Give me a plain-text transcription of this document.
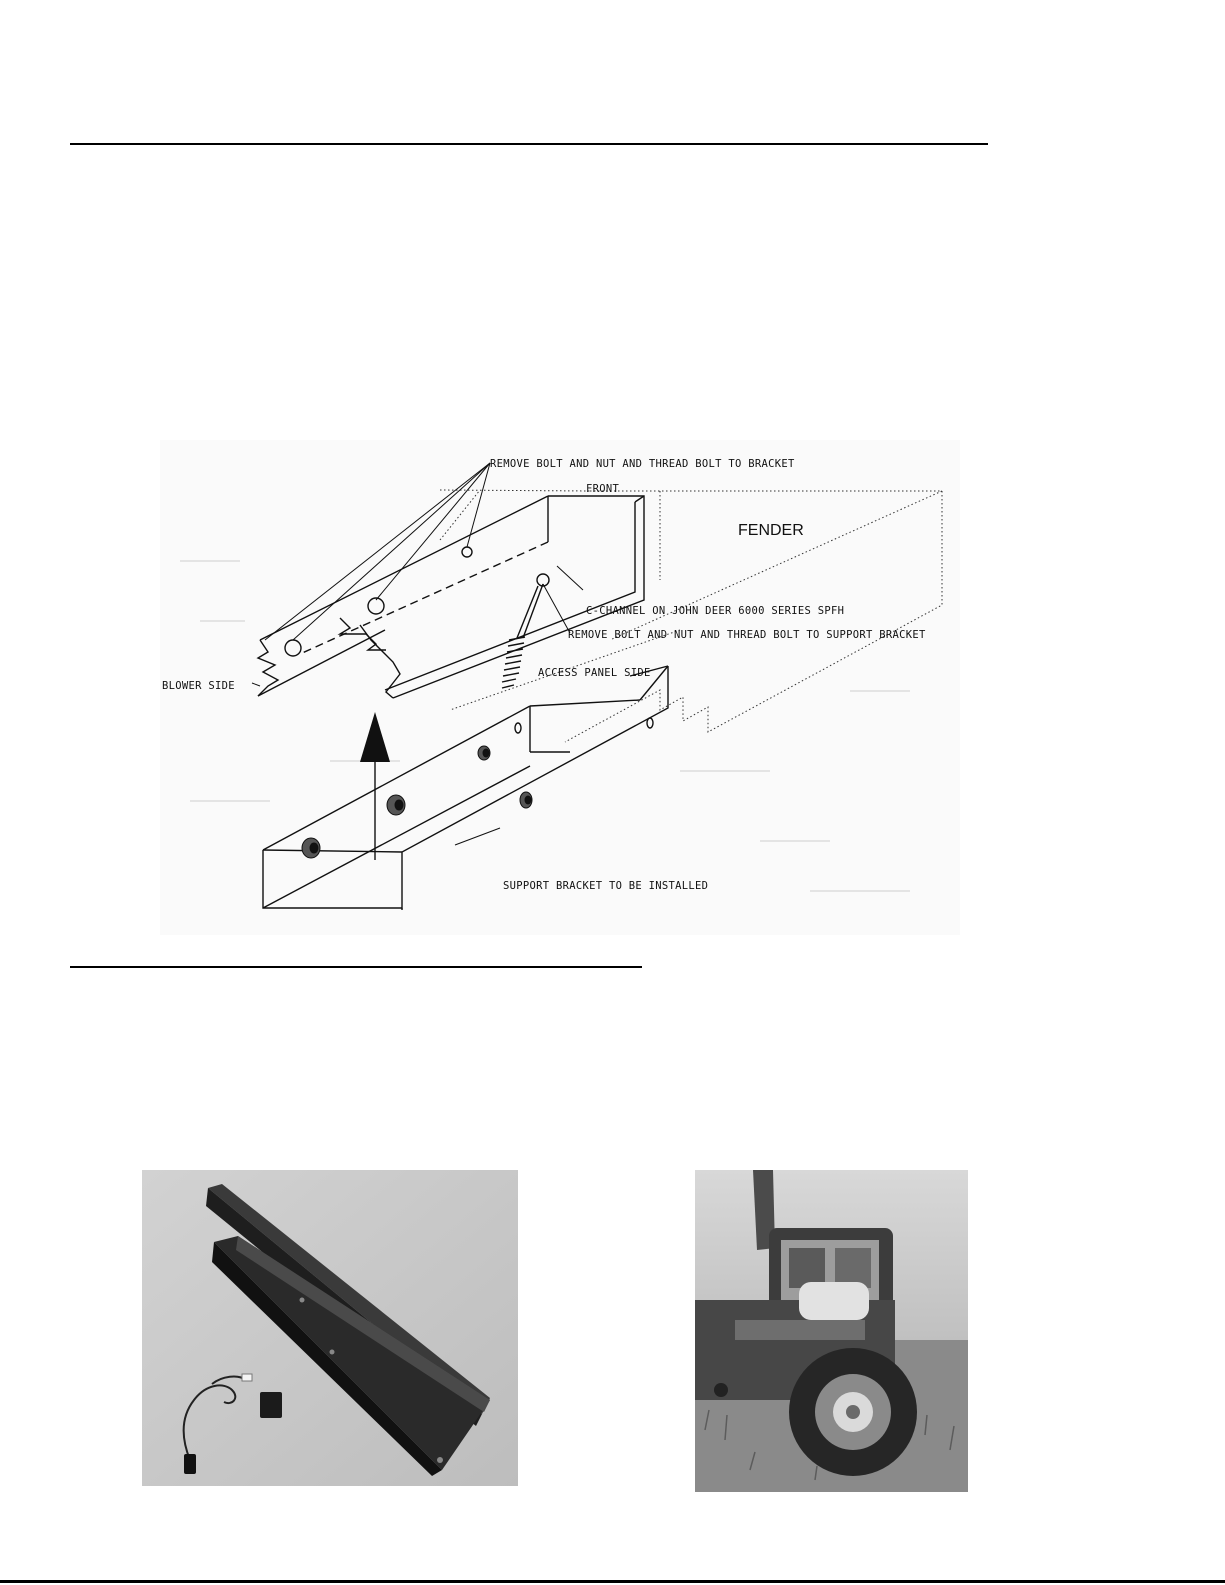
FENDER
REMOVE BOLT AND NUT AND THREAD BOLT TO BRACKET
FRONT
C-CHANNEL ON JOHN DEER 6000 SERIES SPFH
REMOVE BOLT AND NUT AND THREAD BOLT TO SUPPORT BRACKET
ACCESS PANEL SIDE
BLOWER SIDE
SUPPORT BRACKET TO BE INSTALLED
